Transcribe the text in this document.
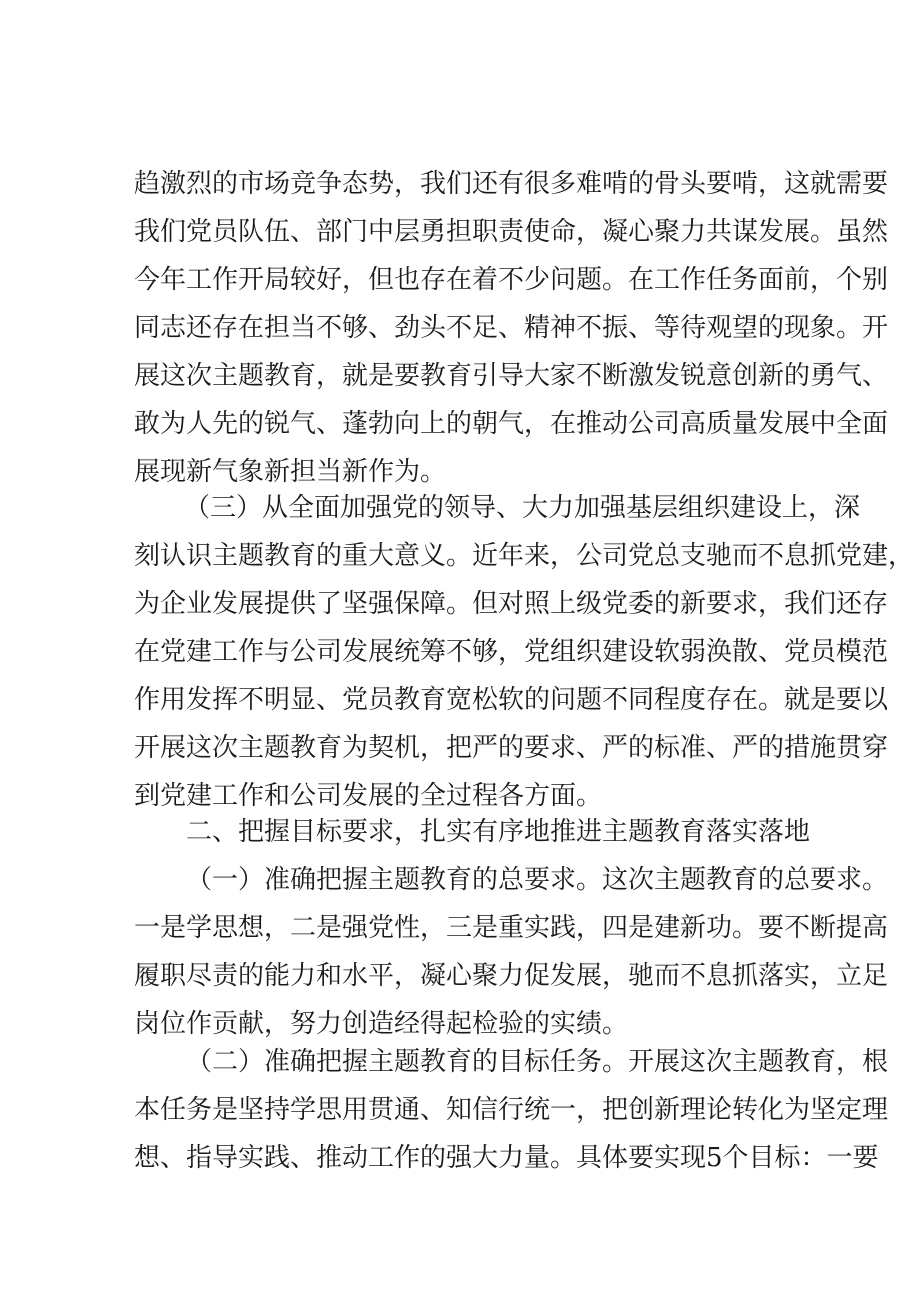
趋激烈的市场竞争态势，我们还有很多难啃的骨头要啃，这就需要
我们党员队伍、部门中层勇担职责使命，凝心聚力共谋发展。虽然
今年工作开局较好，但也存在着不少问题。在工作任务面前，个别
同志还存在担当不够、劲头不足、精神不振、等待观望的现象。开
展这次主题教育，就是要教育引导大家不断激发锐意创新的勇气、
敢为人先的锐气、蓬勃向上的朝气，在推动公司高质量发展中全面
展现新气象新担当新作为。
（三）从全面加强党的领导、大力加强基层组织建设上，深
刻认识主题教育的重大意义。近年来，公司党总支驰而不息抓党建，
为企业发展提供了坚强保障。但对照上级党委的新要求，我们还存
在党建工作与公司发展统筹不够，党组织建设软弱涣散、党员模范
作用发挥不明显、党员教育宽松软的问题不同程度存在。就是要以
开展这次主题教育为契机，把严的要求、严的标准、严的措施贯穿
到党建工作和公司发展的全过程各方面。
二、把握目标要求，扎实有序地推进主题教育落实落地
（一）准确把握主题教育的总要求。这次主题教育的总要求。
一是学思想，二是强党性，三是重实践，四是建新功。要不断提高
履职尽责的能力和水平，凝心聚力促发展，驰而不息抓落实，立足
岗位作贡献，努力创造经得起检验的实绩。
（二）准确把握主题教育的目标任务。开展这次主题教育，根
本任务是坚持学思用贯通、知信行统一，把创新理论转化为坚定理
想、指导实践、推动工作的强大力量。具体要实现5个目标：一要
